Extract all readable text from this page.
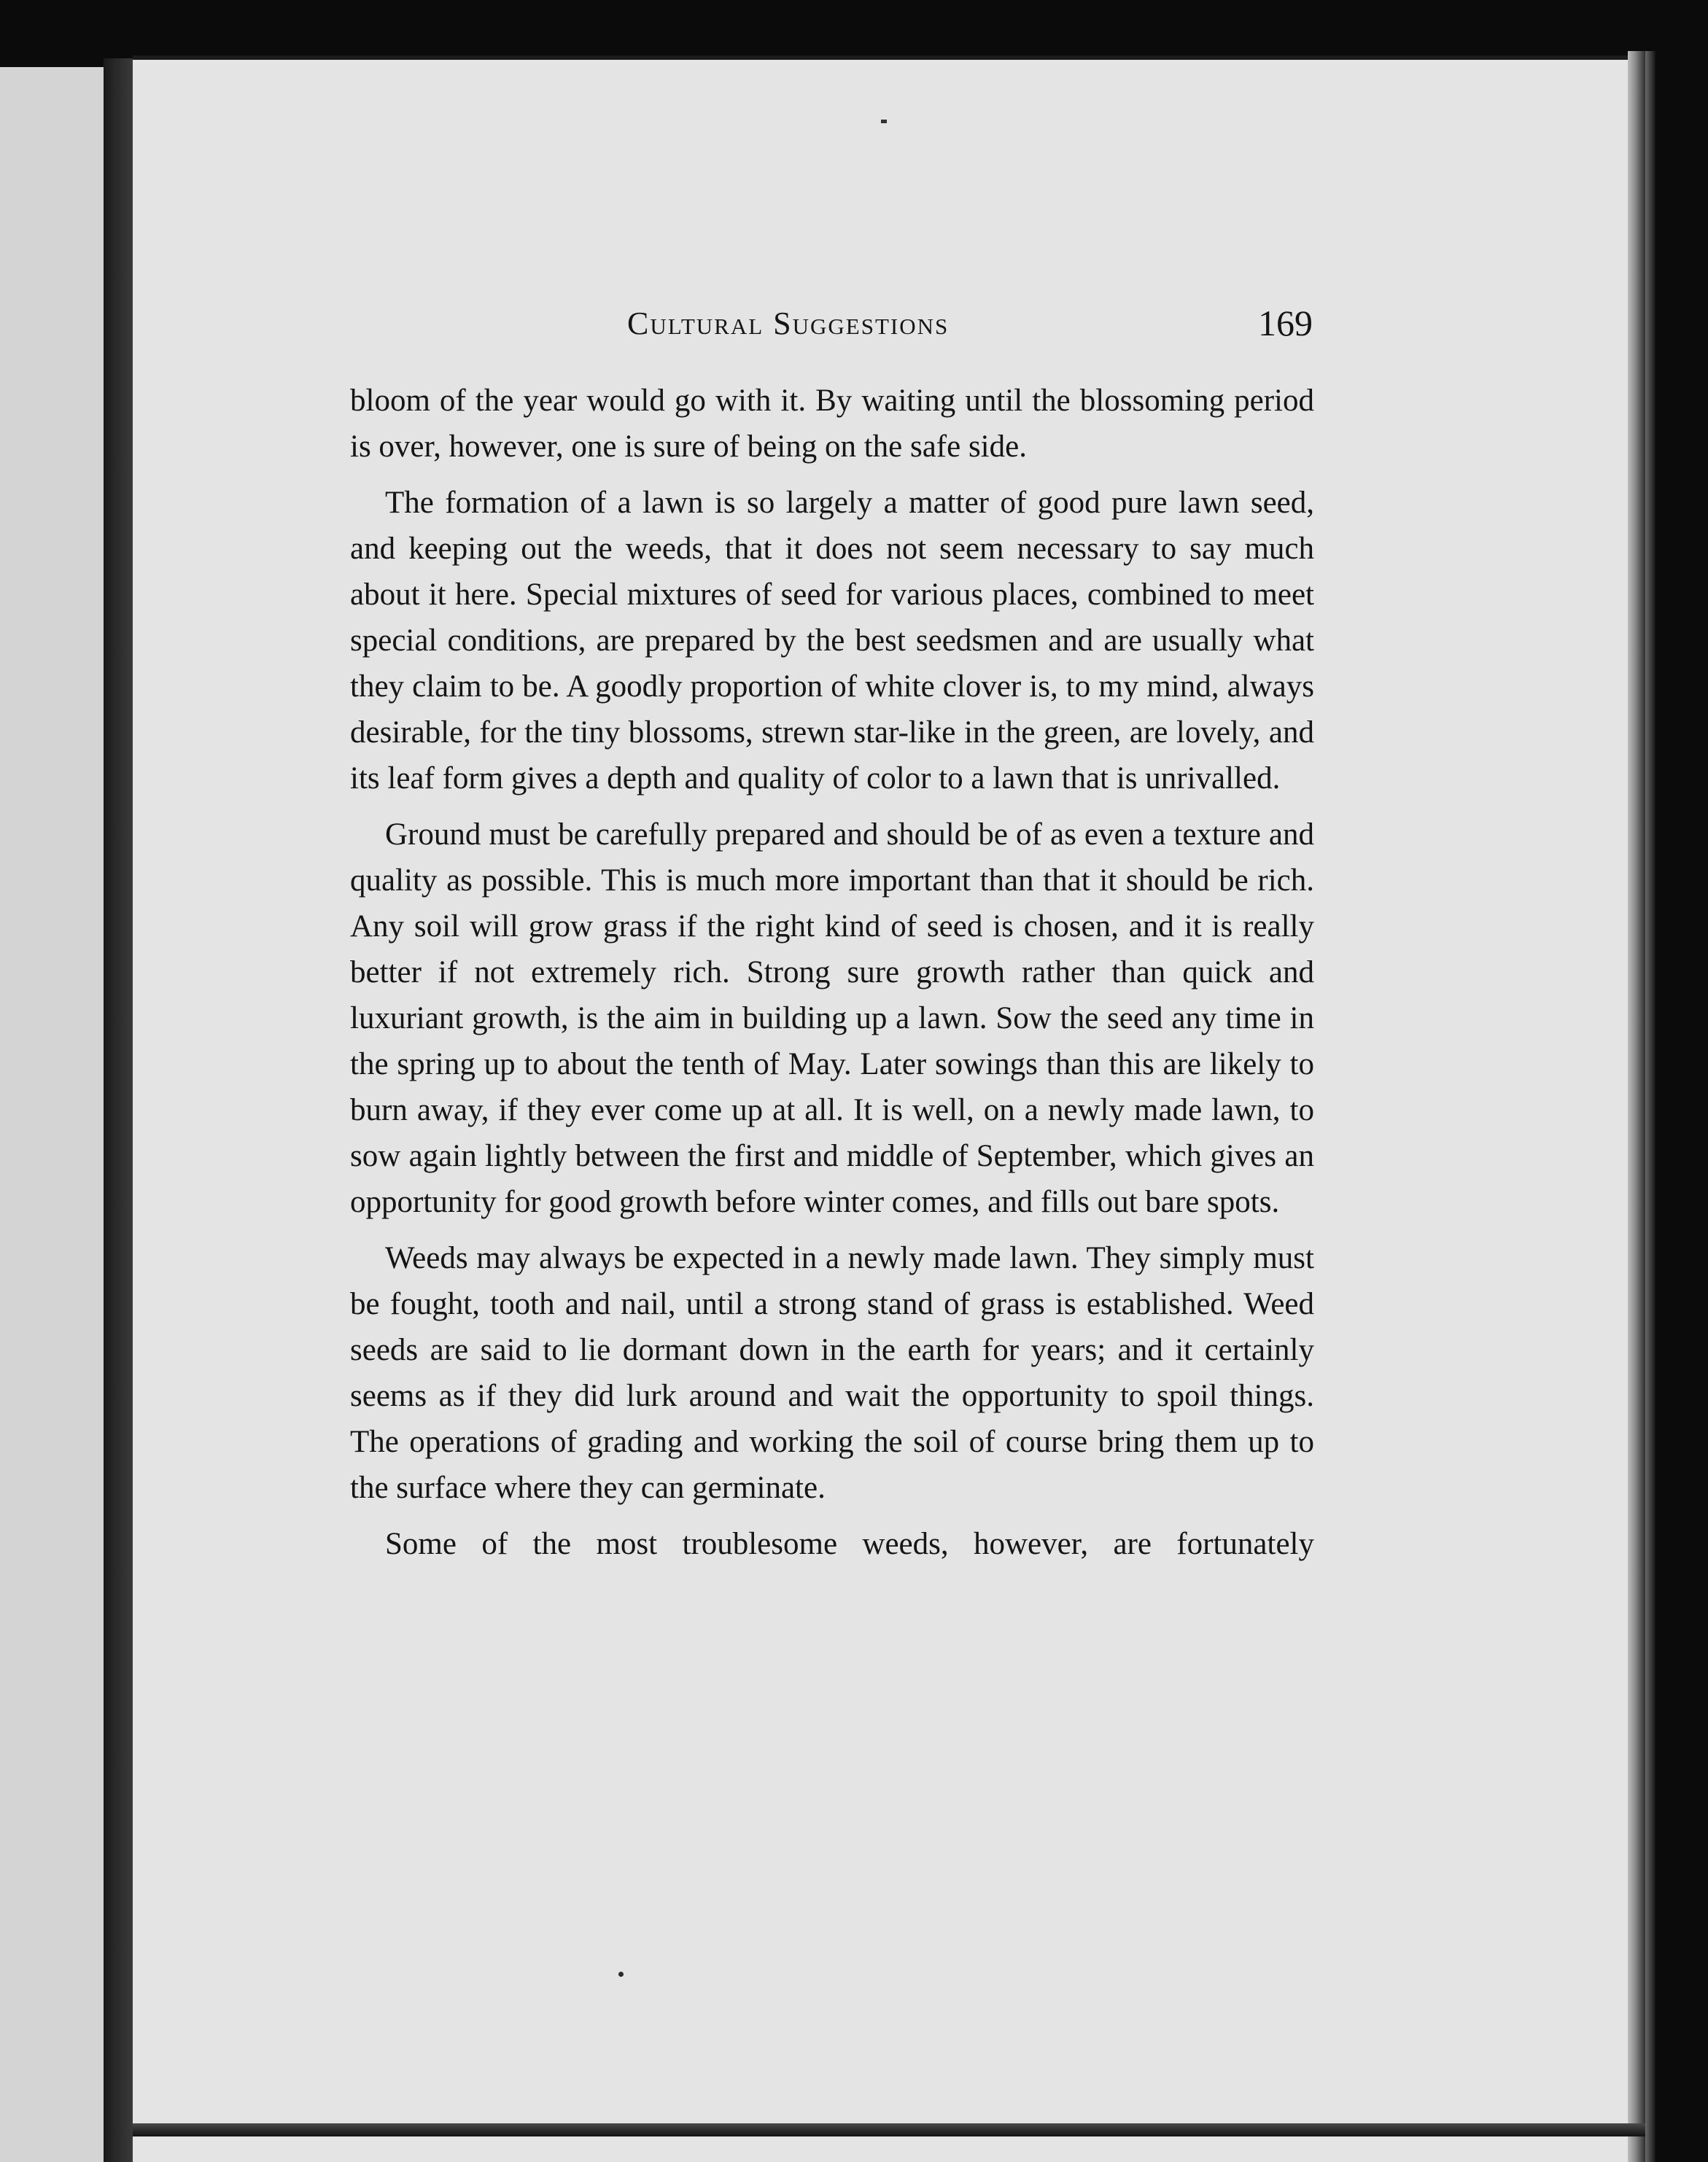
Cultural Suggestions	169

bloom of the year would go with it. By waiting until the blossoming period is over, however, one is sure of being on the safe side.

The formation of a lawn is so largely a matter of good pure lawn seed, and keeping out the weeds, that it does not seem necessary to say much about it here. Special mixtures of seed for various places, combined to meet special conditions, are prepared by the best seedsmen and are usually what they claim to be. A goodly proportion of white clover is, to my mind, always desirable, for the tiny blossoms, strewn star-like in the green, are lovely, and its leaf form gives a depth and quality of color to a lawn that is unrivalled.

Ground must be carefully prepared and should be of as even a texture and quality as possible. This is much more important than that it should be rich. Any soil will grow grass if the right kind of seed is chosen, and it is really better if not extremely rich. Strong sure growth rather than quick and luxuriant growth, is the aim in building up a lawn. Sow the seed any time in the spring up to about the tenth of May. Later sowings than this are likely to burn away, if they ever come up at all. It is well, on a newly made lawn, to sow again lightly between the first and middle of September, which gives an opportunity for good growth before winter comes, and fills out bare spots.

Weeds may always be expected in a newly made lawn. They simply must be fought, tooth and nail, until a strong stand of grass is established. Weed seeds are said to lie dormant down in the earth for years; and it certainly seems as if they did lurk around and wait the opportunity to spoil things. The operations of grading and working the soil of course bring them up to the surface where they can germinate.

Some of the most troublesome weeds, however, are fortunately
